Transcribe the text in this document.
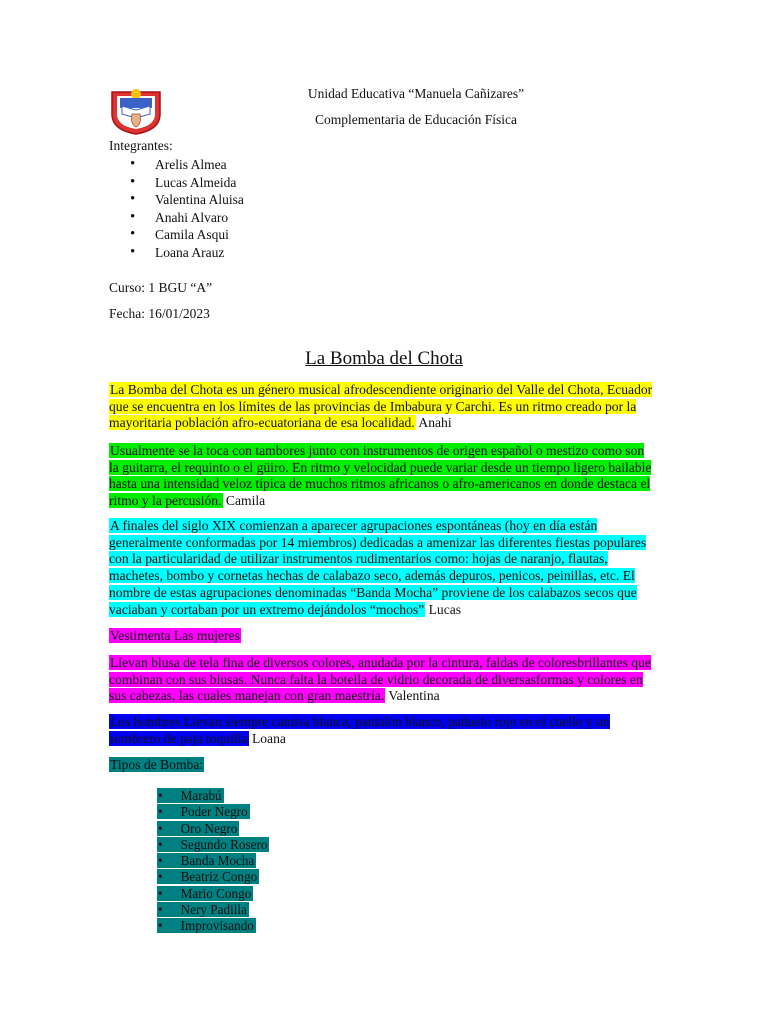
Unidad Educativa “Manuela Cañizares”
Complementaria de Educación Física
Integrantes:
• Arelis Almea
• Lucas Almeida
• Valentina Aluisa
• Anahi Alvaro
• Camila Asqui
• Loana Arauz
Curso: 1 BGU “A”
Fecha: 16/01/2023
La Bomba del Chota
La Bomba del Chota es un género musical afrodescendiente originario del Valle del Chota, Ecuador que se encuentra en los límites de las provincias de Imbabura y Carchi. Es un ritmo creado por la mayoritaria población afro-ecuatoriana de esa localidad. Anahi
Usualmente se la toca con tambores junto con instrumentos de origen español o mestizo como son la guitarra, el requinto o el güiro. En ritmo y velocidad puede variar desde un tiempo ligero bailable hasta una intensidad veloz típica de muchos ritmos africanos o afro-americanos en donde destaca el ritmo y la percusión. Camila
A finales del siglo XIX comienzan a aparecer agrupaciones espontáneas (hoy en día están generalmente conformadas por 14 miembros) dedicadas a amenizar las diferentes fiestas populares con la particularidad de utilizar instrumentos rudimentarios como: hojas de naranjo, flautas, machetes, bombo y cornetas hechas de calabazo seco, además depuros, penicos, peinillas, etc. El nombre de estas agrupaciones denominadas “Banda Mocha” proviene de los calabazos secos que vaciaban y cortaban por un extremo dejándolos “mochos” Lucas
Vestimenta Las mujeres
Llevan blusa de tela fina de diversos colores, anudada por la cintura, faldas de coloresbrillantes que combinan con sus blusas. Nunca falta la botella de vidrio decorada de diversasformas y colores en sus cabezas, las cuales manejan con gran maestría. Valentina
Los hombres Llevan siempre camisa blanca, pantalón blanco, pañuelo rojo en el cuello y un sombrero de paja toquilla Loana
Tipos de Bomba:
• Marabú
• Poder Negro
• Oro Negro
• Segundo Rosero
• Banda Mocha
• Beatriz Congo
• Mario Congo
• Nery Padilla
• Improvisando
